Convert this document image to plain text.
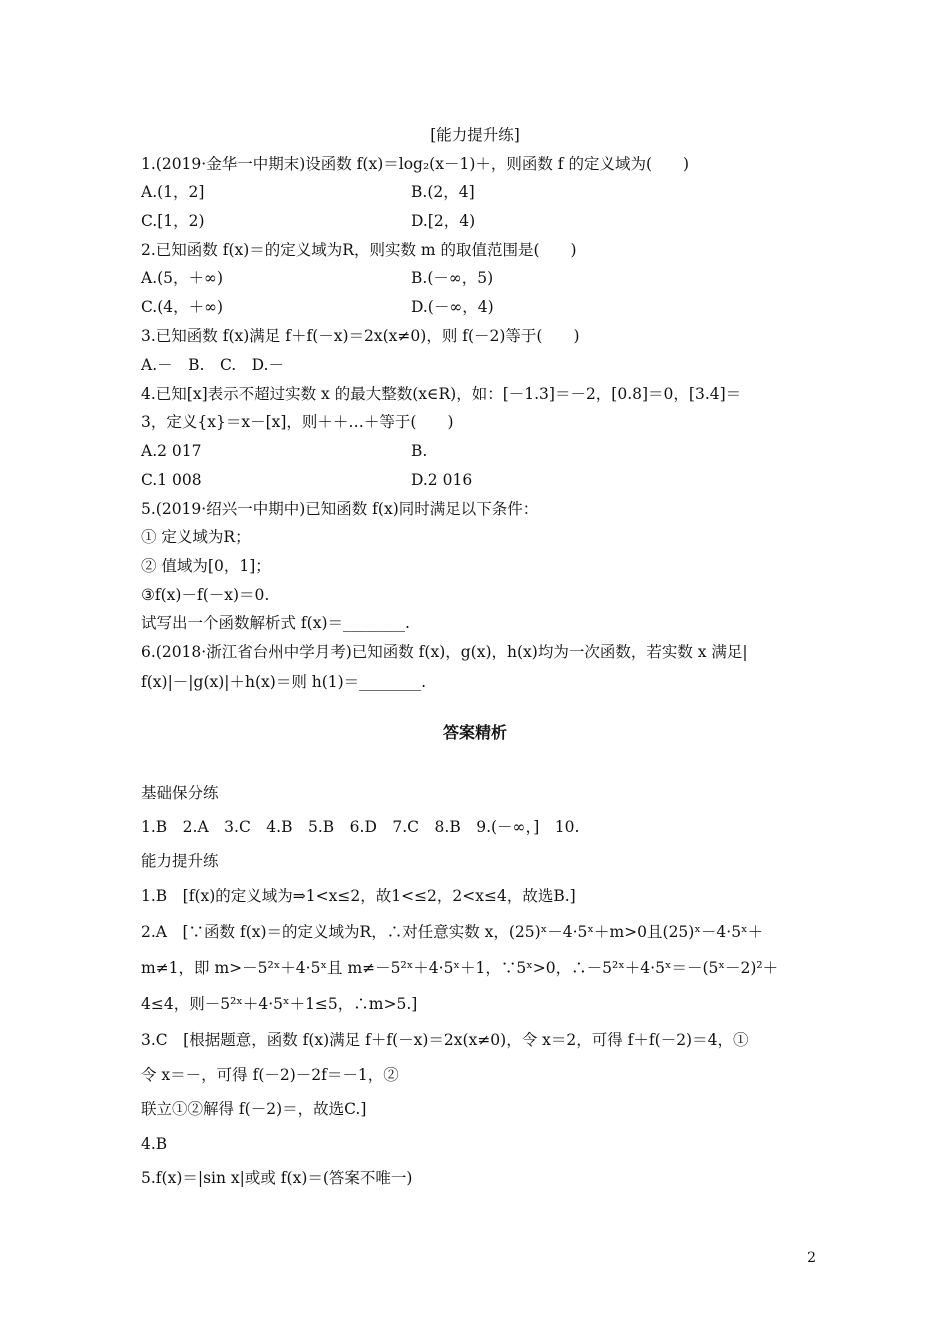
[能力提升练]
1.(2019·金华一中期末)设函数 f(x)＝log₂(x－1)＋，则函数 f 的定义域为(　　)
A.(1，2]	B.(2，4]
C.[1，2)	D.[2，4)
2.已知函数 f(x)＝的定义域为R，则实数 m 的取值范围是(　　)
A.(5，＋∞)	B.(－∞，5)
C.(4，＋∞)	D.(－∞，4)
3.已知函数 f(x)满足 f＋f(－x)＝2x(x≠0)，则 f(－2)等于(　　)
A.－　B.　C.　D.－
4.已知[x]表示不超过实数 x 的最大整数(x∈R)，如：[－1.3]＝－2，[0.8]＝0，[3.4]＝
3，定义{x}＝x－[x]，则＋＋…＋等于(　　)
A.2 017	B.
C.1 008	D.2 016
5.(2019·绍兴一中期中)已知函数 f(x)同时满足以下条件：
① 定义域为R；
② 值域为[0，1]；
③f(x)－f(－x)＝0.
试写出一个函数解析式 f(x)＝________.
6.(2018·浙江省台州中学月考)已知函数 f(x)，g(x)，h(x)均为一次函数，若实数 x 满足|
f(x)|－|g(x)|＋h(x)＝则 h(1)＝________.
答案精析
基础保分练
1.B　2.A　3.C　4.B　5.B　6.D　7.C　8.B　9.(－∞，]　10.
能力提升练
1.B　[f(x)的定义域为⇒1<x≤2，故1<≤2，2<x≤4，故选B.]
2.A　[∵函数 f(x)＝的定义域为R，∴对任意实数 x，(25)ˣ－4·5ˣ＋m>0且(25)ˣ－4·5ˣ＋
m≠1，即 m>－5²ˣ＋4·5ˣ且 m≠－5²ˣ＋4·5ˣ＋1，∵5ˣ>0，∴－5²ˣ＋4·5ˣ＝－(5ˣ－2)²＋
4≤4，则－5²ˣ＋4·5ˣ＋1≤5，∴m>5.]
3.C　[根据题意，函数 f(x)满足 f＋f(－x)＝2x(x≠0)，令 x＝2，可得 f＋f(－2)＝4，①
令 x＝－，可得 f(－2)－2f＝－1，②
联立①②解得 f(－2)＝，故选C.]
4.B
5.f(x)＝|sin x|或或 f(x)＝(答案不唯一)
2
